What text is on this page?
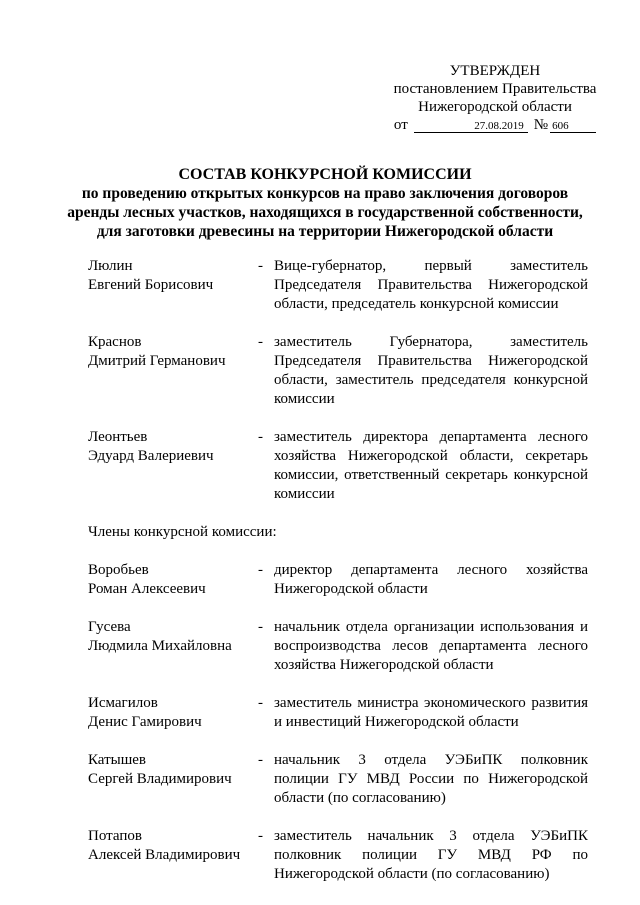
УТВЕРЖДЕН
постановлением Правительства
Нижегородской области
от	27.08.2019 № 606
СОСТАВ КОНКУРСНОЙ КОМИССИИ
по проведению открытых конкурсов на право заключения договоров аренды лесных участков, находящихся в государственной собственности, для заготовки древесины на территории Нижегородской области
Люлин
Евгений Борисович
- Вице-губернатор, первый заместитель Председателя Правительства Нижегородской области, председатель конкурсной комиссии
Краснов
Дмитрий Германович
- заместитель Губернатора, заместитель Председателя Правительства Нижегородской области, заместитель председателя конкурсной комиссии
Леонтьев
Эдуард Валериевич
- заместитель директора департамента лесного хозяйства Нижегородской области, секретарь комиссии, ответственный секретарь конкурсной комиссии
Члены конкурсной комиссии:
Воробьев
Роман Алексеевич
- директор департамента лесного хозяйства Нижегородской области
Гусева
Людмила Михайловна
- начальник отдела организации использования и воспроизводства лесов департамента лесного хозяйства Нижегородской области
Исмагилов
Денис Гамирович
- заместитель министра экономического развития и инвестиций Нижегородской области
Катышев
Сергей Владимирович
- начальник 3 отдела УЭБиПК полковник полиции ГУ МВД России по Нижегородской области (по согласованию)
Потапов
Алексей Владимирович
- заместитель начальник 3 отдела УЭБиПК полковник полиции ГУ МВД РФ по Нижегородской области (по согласованию)
